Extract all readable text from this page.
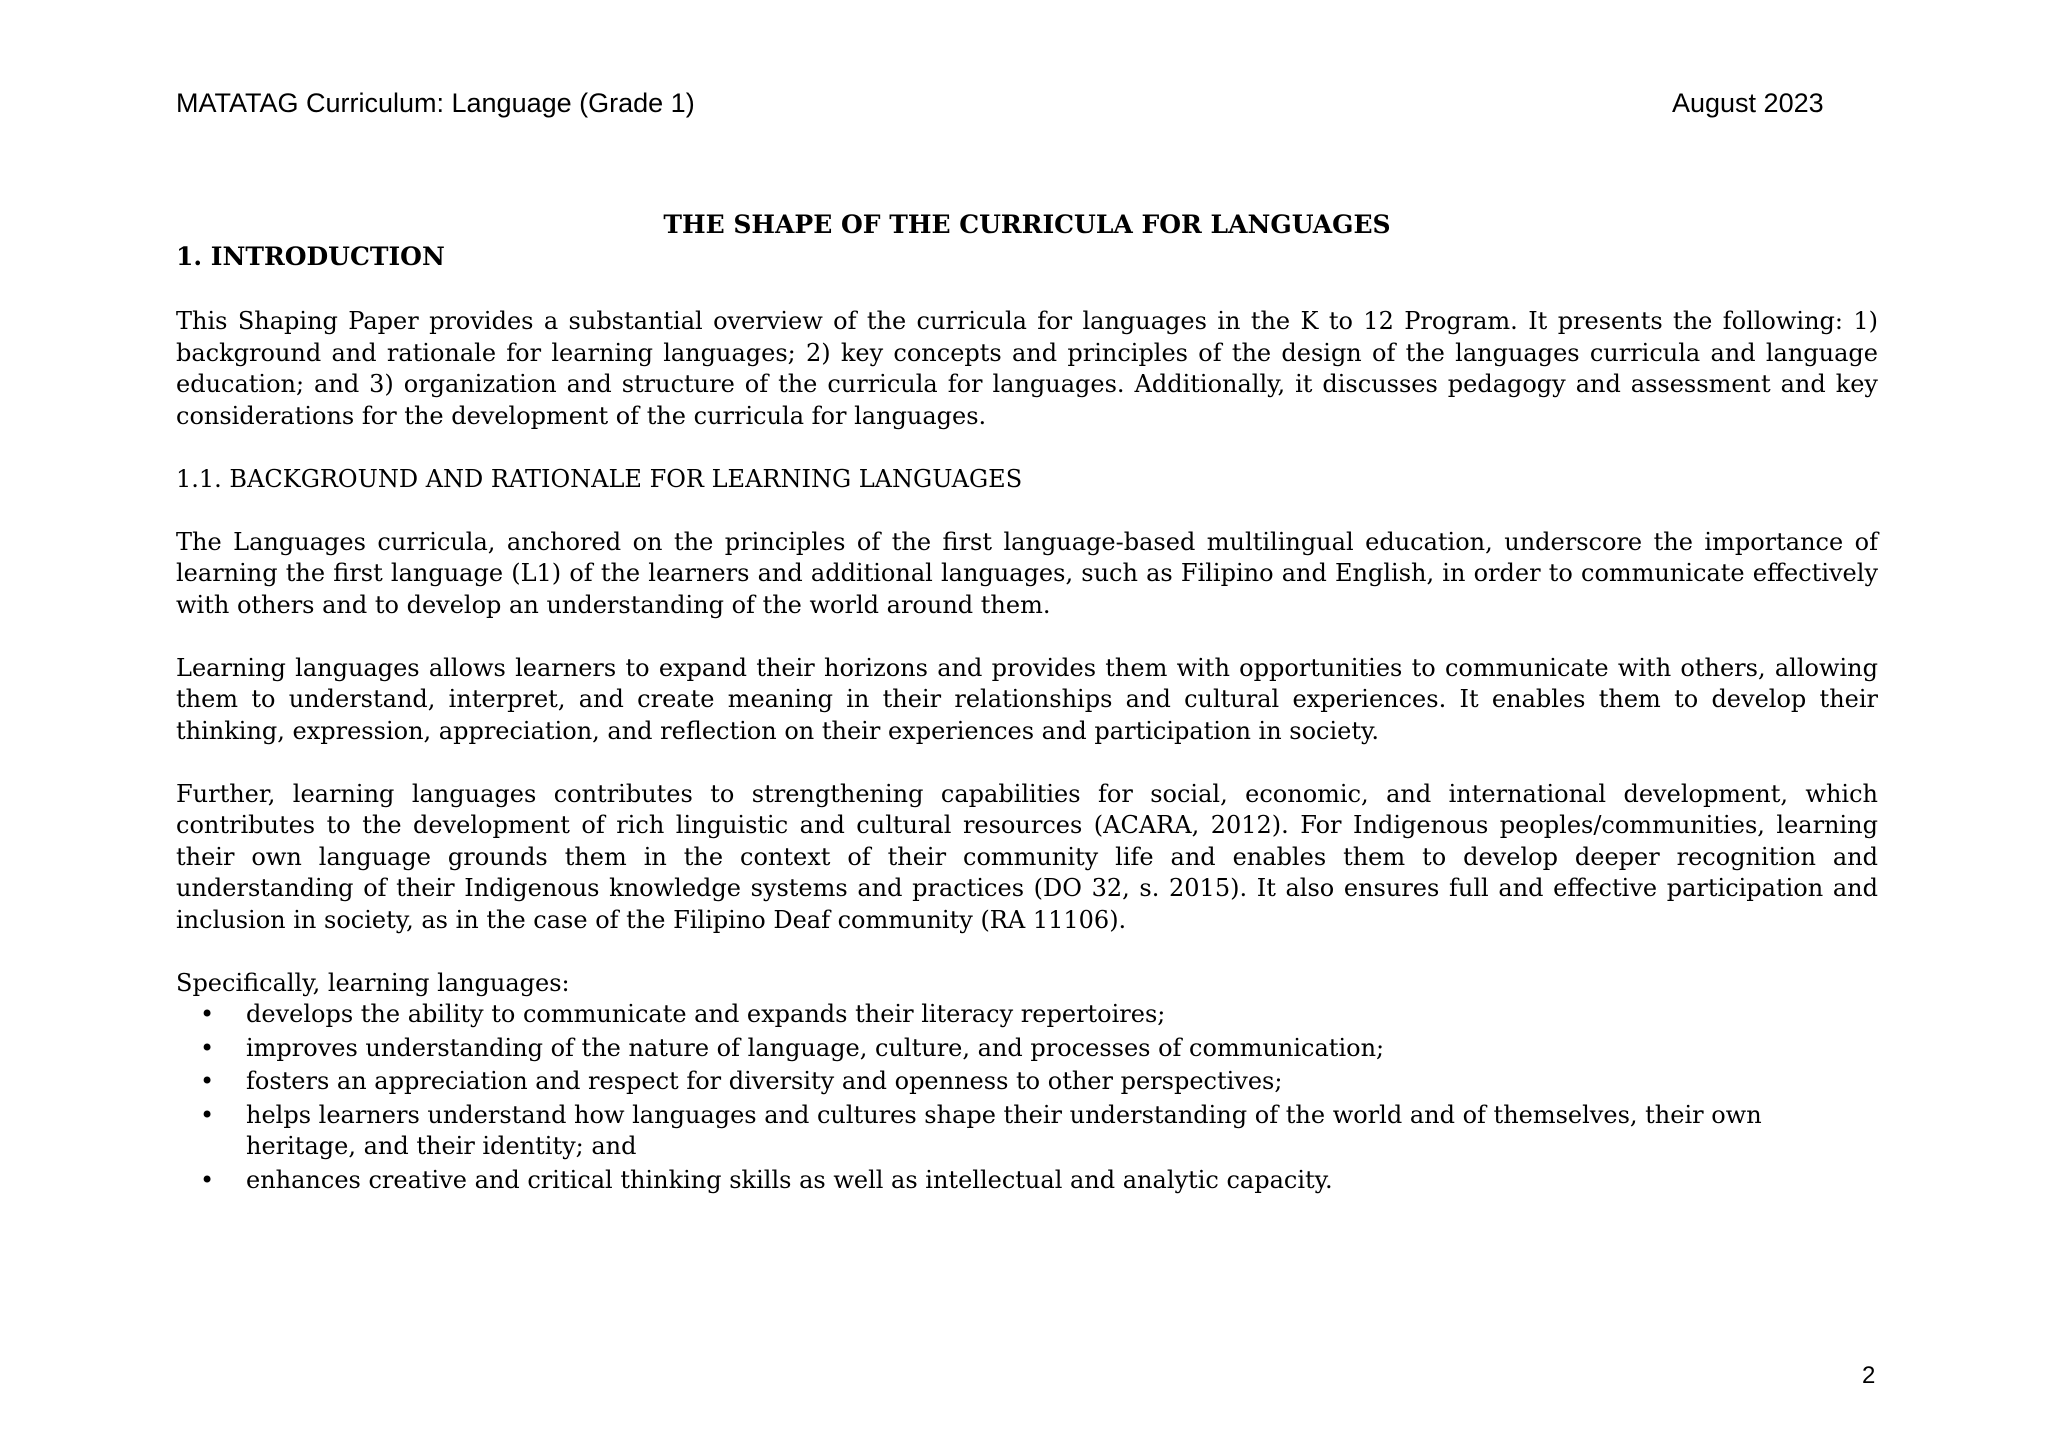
MATATAG Curriculum: Language (Grade 1)	August 2023
THE SHAPE OF THE CURRICULA FOR LANGUAGES
1. INTRODUCTION

This Shaping Paper provides a substantial overview of the curricula for languages in the K to 12 Program. It presents the following: 1) background and rationale for learning languages; 2) key concepts and principles of the design of the languages curricula and language education; and 3) organization and structure of the curricula for languages. Additionally, it discusses pedagogy and assessment and key considerations for the development of the curricula for languages.

1.1. BACKGROUND AND RATIONALE FOR LEARNING LANGUAGES

The Languages curricula, anchored on the principles of the first language-based multilingual education, underscore the importance of learning the first language (L1) of the learners and additional languages, such as Filipino and English, in order to communicate effectively with others and to develop an understanding of the world around them.

Learning languages allows learners to expand their horizons and provides them with opportunities to communicate with others, allowing them to understand, interpret, and create meaning in their relationships and cultural experiences. It enables them to develop their thinking, expression, appreciation, and reflection on their experiences and participation in society.

Further, learning languages contributes to strengthening capabilities for social, economic, and international development, which contributes to the development of rich linguistic and cultural resources (ACARA, 2012). For Indigenous peoples/communities, learning their own language grounds them in the context of their community life and enables them to develop deeper recognition and understanding of their Indigenous knowledge systems and practices (DO 32, s. 2015). It also ensures full and effective participation and inclusion in society, as in the case of the Filipino Deaf community (RA 11106).

Specifically, learning languages:

• develops the ability to communicate and expands their literacy repertoires;
• improves understanding of the nature of language, culture, and processes of communication;
• fosters an appreciation and respect for diversity and openness to other perspectives;
• helps learners understand how languages and cultures shape their understanding of the world and of themselves, their own heritage, and their identity; and
• enhances creative and critical thinking skills as well as intellectual and analytic capacity.
2
